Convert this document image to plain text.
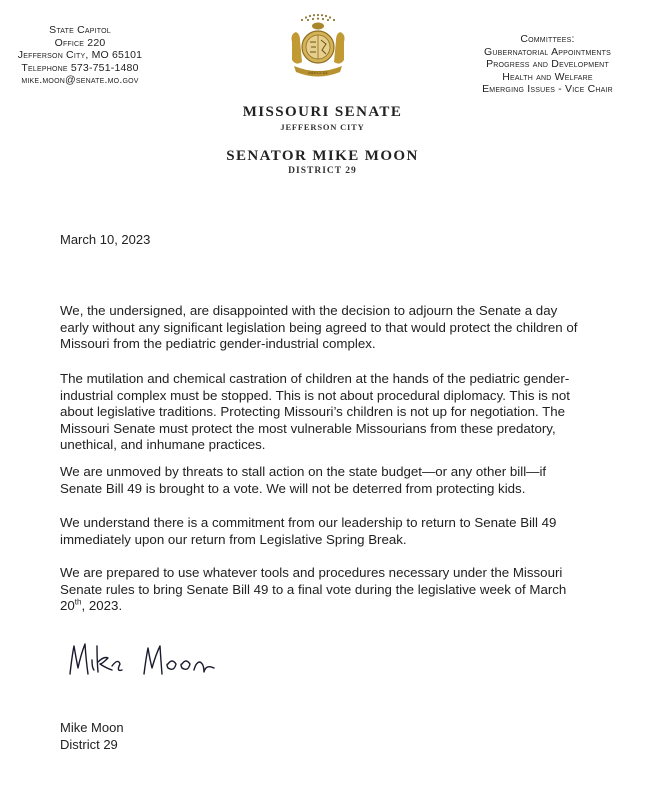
State Capitol
Office 220
Jefferson City, MO 65101
Telephone 573-751-1480
mike.moon@senate.mo.gov
MDCCCXX
Committees:
Gubernatorial Appointments
Progress and Development
Health and Welfare
Emerging Issues - Vice Chair
MISSOURI SENATE
JEFFERSON CITY
SENATOR MIKE MOON
DISTRICT 29
March 10, 2023

We, the undersigned, are disappointed with the decision to adjourn the Senate a day early without any significant legislation being agreed to that would protect the children of Missouri from the pediatric gender-industrial complex.

The mutilation and chemical castration of children at the hands of the pediatric gender-industrial complex must be stopped. This is not about procedural diplomacy. This is not about legislative traditions. Protecting Missouri’s children is not up for negotiation. The Missouri Senate must protect the most vulnerable Missourians from these predatory, unethical, and inhumane practices.

We are unmoved by threats to stall action on the state budget—or any other bill—if Senate Bill 49 is brought to a vote. We will not be deterred from protecting kids.

We understand there is a commitment from our leadership to return to Senate Bill 49 immediately upon our return from Legislative Spring Break.

We are prepared to use whatever tools and procedures necessary under the Missouri Senate rules to bring Senate Bill 49 to a final vote during the legislative week of March 20th, 2023.

Mike Moon
District 29
